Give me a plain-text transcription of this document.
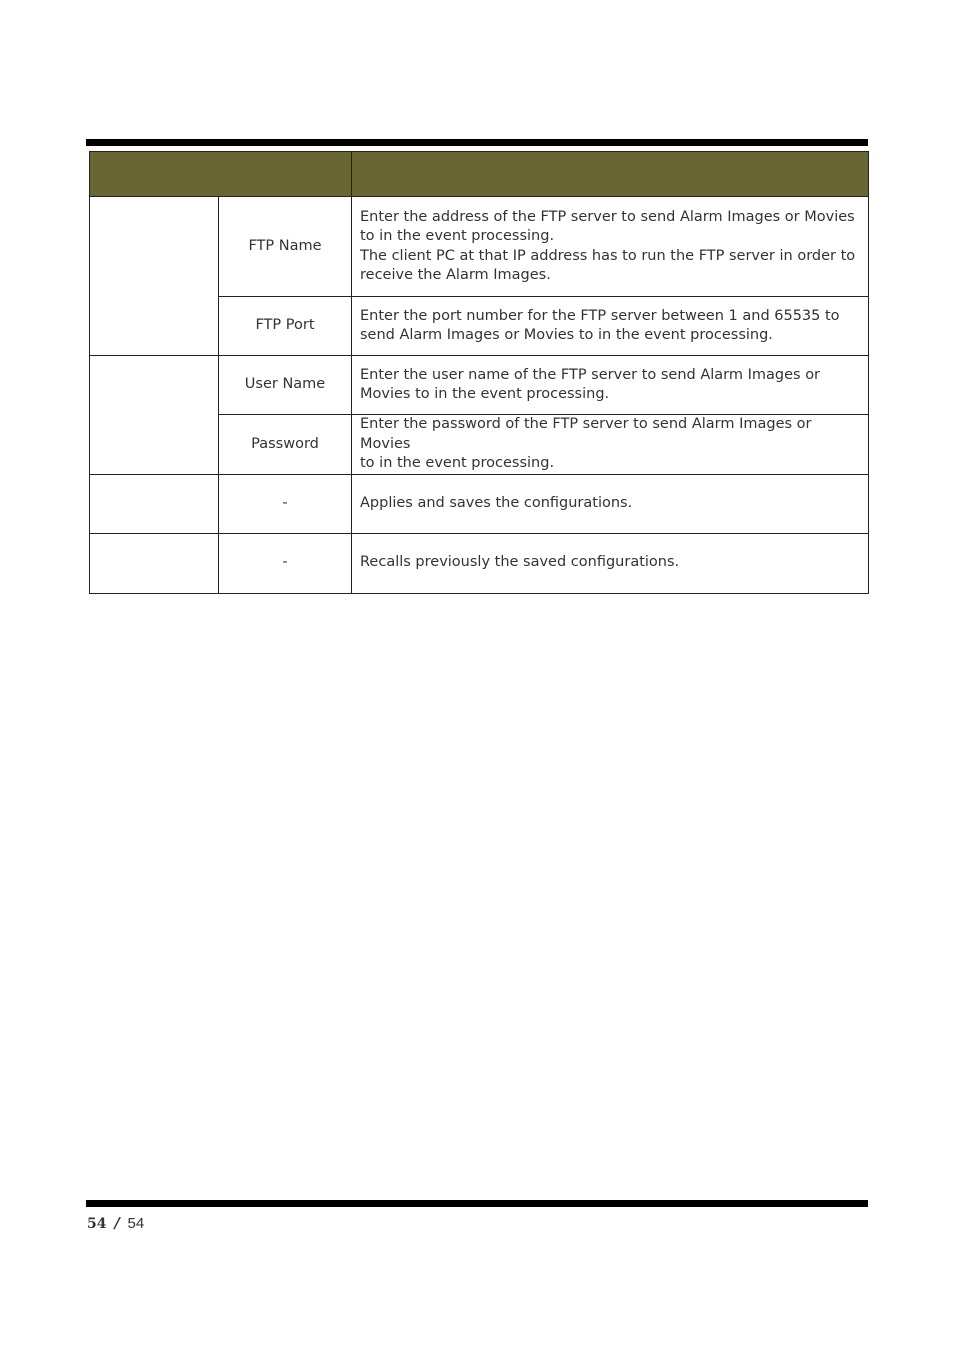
	FTP Name	Enter the address of the FTP server to send Alarm Images or Movies
to in the event processing.
The client PC at that IP address has to run the FTP server in order to
receive the Alarm Images.

	FTP Port	Enter the port number for the FTP server between 1 and 65535 to
send Alarm Images or Movies to in the event processing.

	User Name	Enter the user name of the FTP server to send Alarm Images or
Movies to in the event processing.

	Password	Enter the password of the FTP server to send Alarm Images or Movies
to in the event processing.

	-	Applies and saves the configurations.

	-	Recalls previously the saved configurations.
54 / 54
